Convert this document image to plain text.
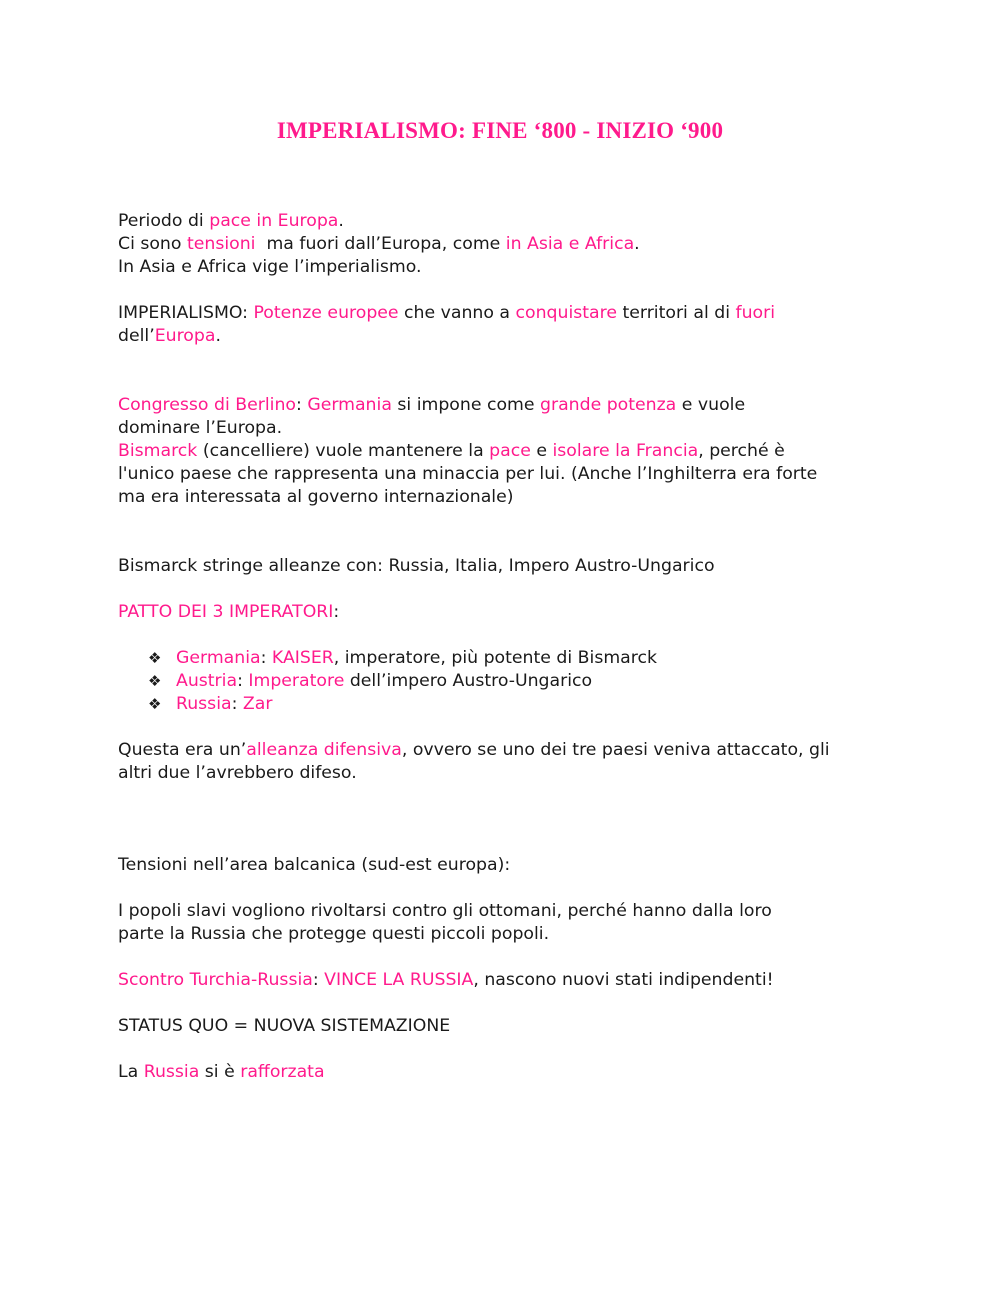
IMPERIALISMO: FINE ‘800 - INIZIO ‘900

Periodo di pace in Europa.

Ci sono tensioni  ma fuori dall’Europa, come in Asia e Africa.

In Asia e Africa vige l’imperialismo.

IMPERIALISMO: Potenze europee che vanno a conquistare territori al di fuori

dell’Europa.

Congresso di Berlino: Germania si impone come grande potenza e vuole

dominare l’Europa.

Bismarck (cancelliere) vuole mantenere la pace e isolare la Francia, perché è

l'unico paese che rappresenta una minaccia per lui. (Anche l’Inghilterra era forte

ma era interessata al governo internazionale)

Bismarck stringe alleanze con: Russia, Italia, Impero Austro-Ungarico

PATTO DEI 3 IMPERATORI:

❖ Germania: KAISER, imperatore, più potente di Bismarck
❖ Austria: Imperatore dell’impero Austro-Ungarico
❖ Russia: Zar

Questa era un’alleanza difensiva, ovvero se uno dei tre paesi veniva attaccato, gli

altri due l’avrebbero difeso.

Tensioni nell’area balcanica (sud-est europa):

I popoli slavi vogliono rivoltarsi contro gli ottomani, perché hanno dalla loro

parte la Russia che protegge questi piccoli popoli.

Scontro Turchia-Russia: VINCE LA RUSSIA, nascono nuovi stati indipendenti!

STATUS QUO = NUOVA SISTEMAZIONE

La Russia si è rafforzata
